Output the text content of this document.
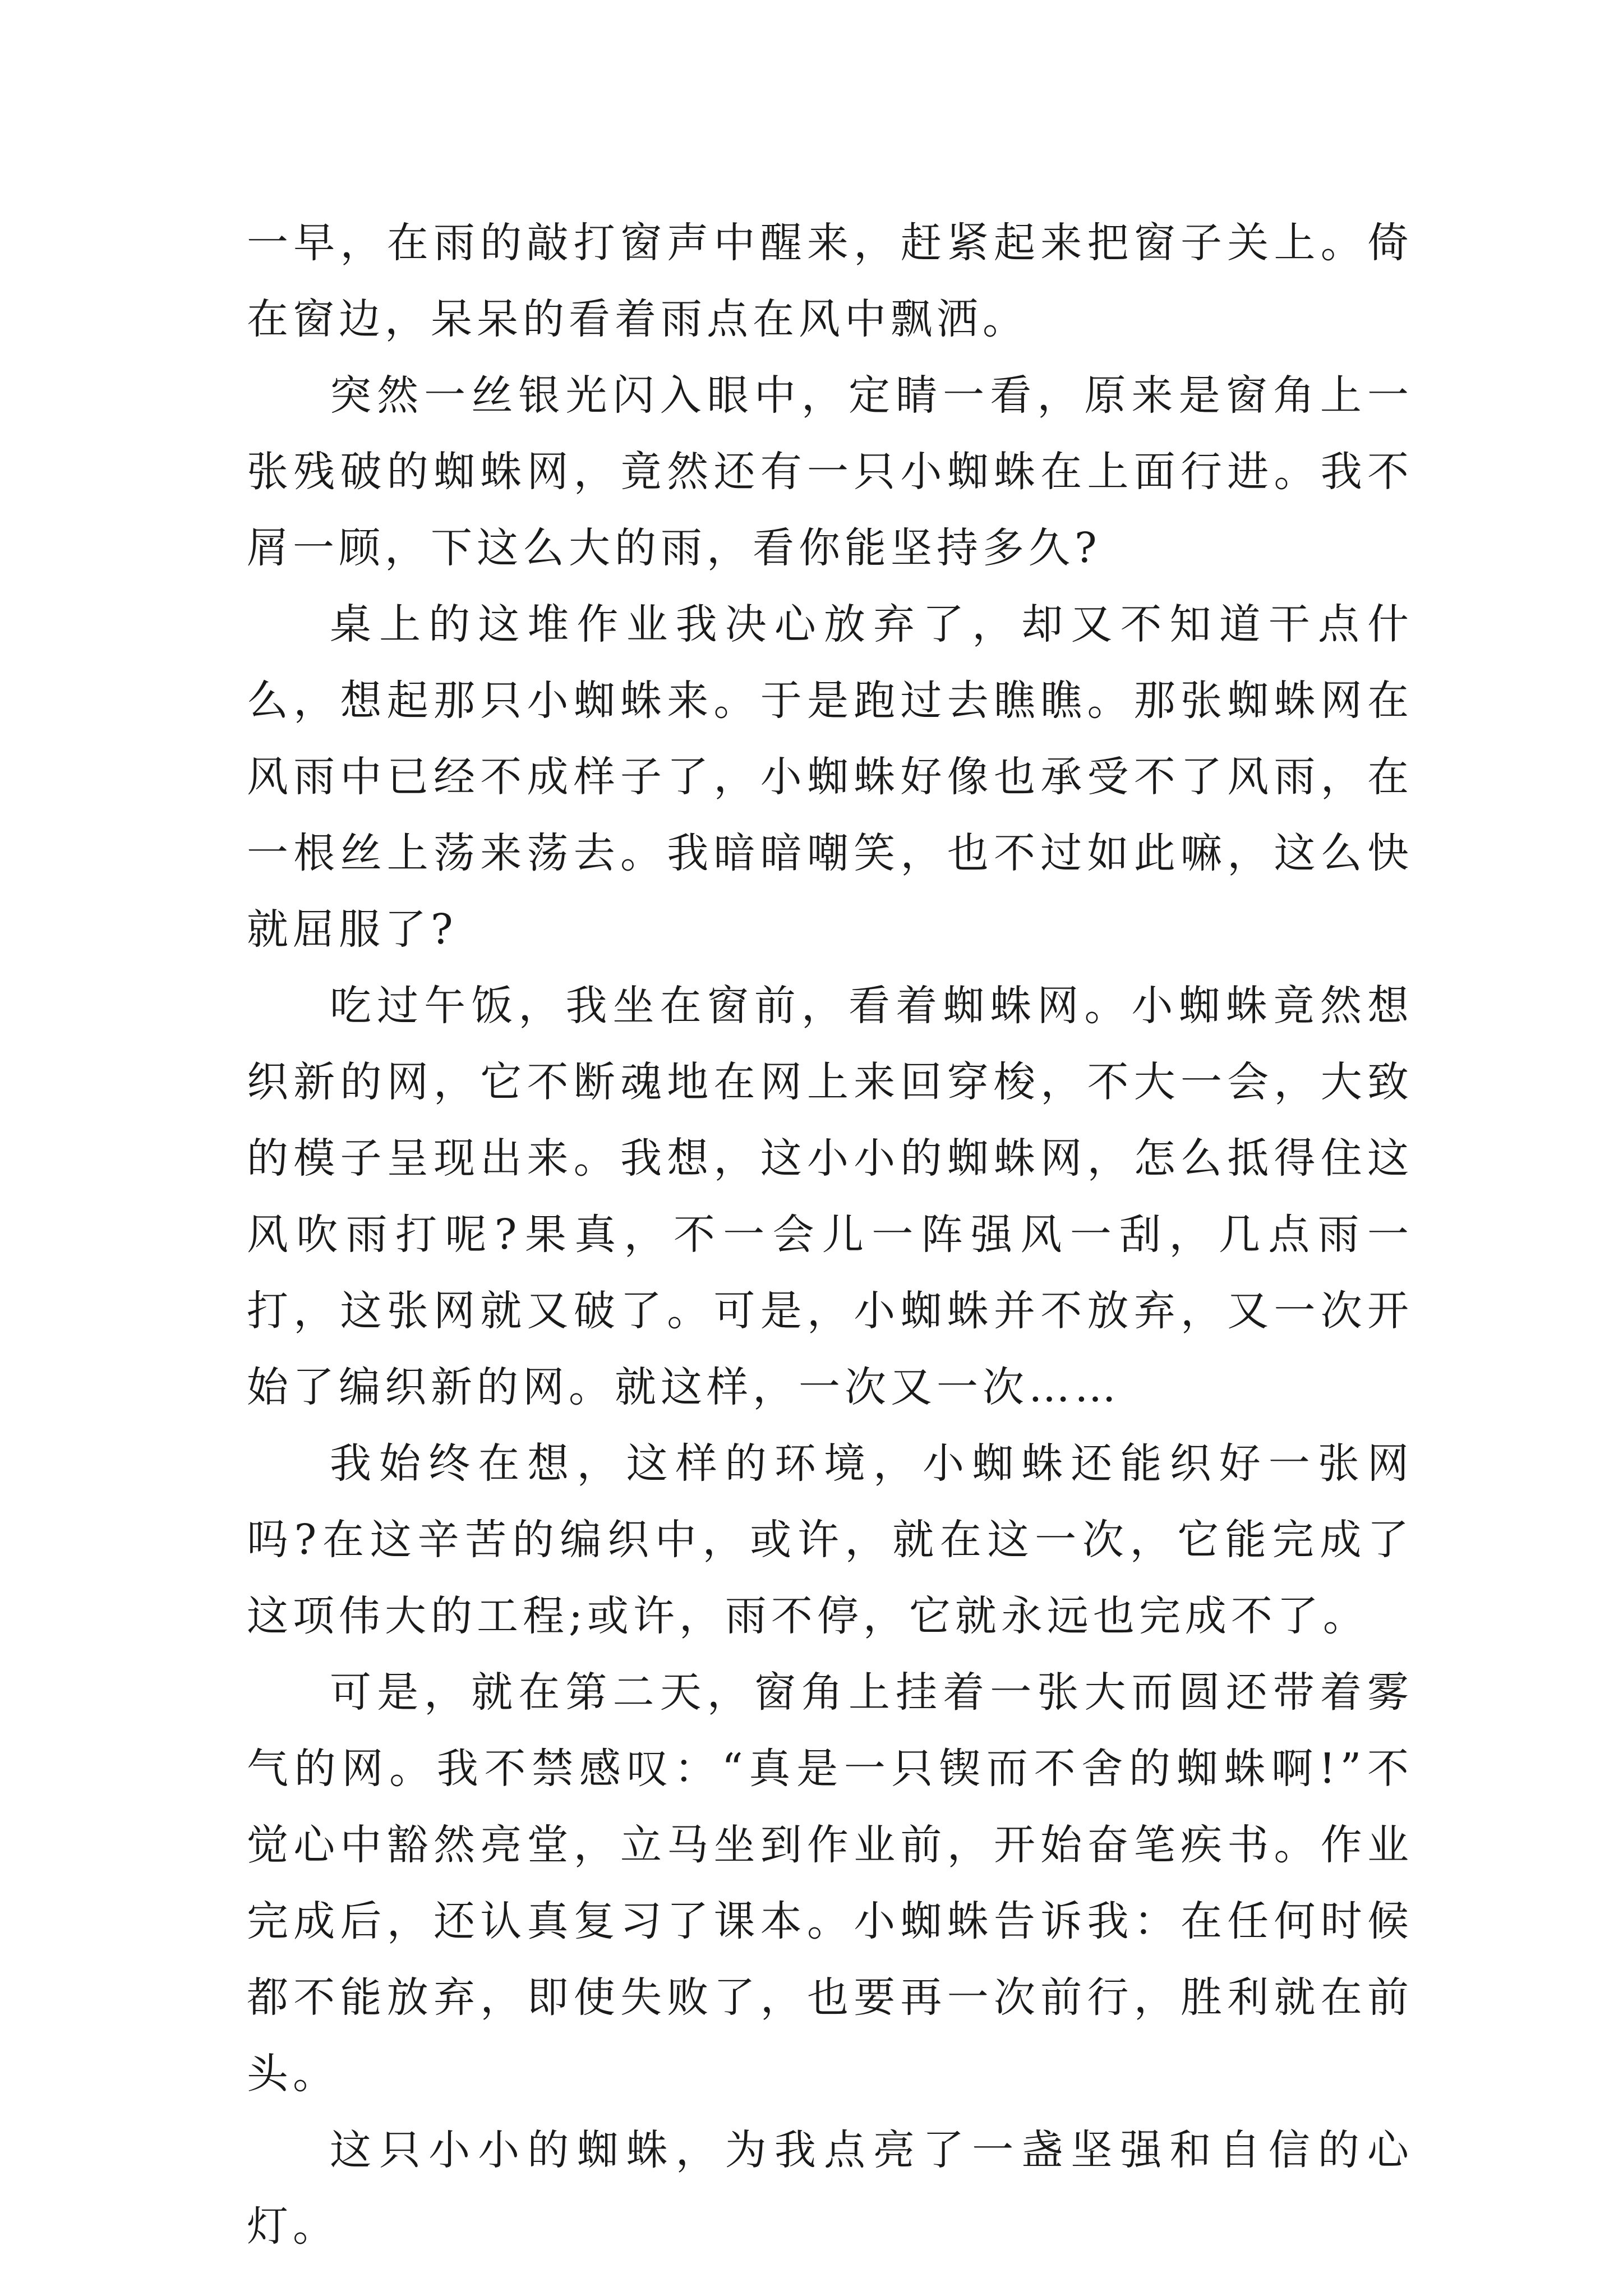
一早，在雨的敲打窗声中醒来，赶紧起来把窗子关上。倚在窗边，呆呆的看着雨点在风中飘洒。

突然一丝银光闪入眼中，定睛一看，原来是窗角上一张残破的蜘蛛网，竟然还有一只小蜘蛛在上面行进。我不屑一顾，下这么大的雨，看你能坚持多久?

桌上的这堆作业我决心放弃了，却又不知道干点什么，想起那只小蜘蛛来。于是跑过去瞧瞧。那张蜘蛛网在风雨中已经不成样子了，小蜘蛛好像也承受不了风雨，在一根丝上荡来荡去。我暗暗嘲笑，也不过如此嘛，这么快就屈服了?

吃过午饭，我坐在窗前，看着蜘蛛网。小蜘蛛竟然想织新的网，它不断魂地在网上来回穿梭，不大一会，大致的模子呈现出来。我想，这小小的蜘蛛网，怎么抵得住这风吹雨打呢?果真，不一会儿一阵强风一刮，几点雨一打，这张网就又破了。可是，小蜘蛛并不放弃，又一次开始了编织新的网。就这样，一次又一次……

我始终在想，这样的环境，小蜘蛛还能织好一张网吗?在这辛苦的编织中，或许，就在这一次，它能完成了这项伟大的工程;或许，雨不停，它就永远也完成不了。

可是，就在第二天，窗角上挂着一张大而圆还带着雾气的网。我不禁感叹：“真是一只锲而不舍的蜘蛛啊!”不觉心中豁然亮堂，立马坐到作业前，开始奋笔疾书。作业完成后，还认真复习了课本。小蜘蛛告诉我：在任何时候都不能放弃，即使失败了，也要再一次前行，胜利就在前头。

这只小小的蜘蛛，为我点亮了一盏坚强和自信的心灯。
